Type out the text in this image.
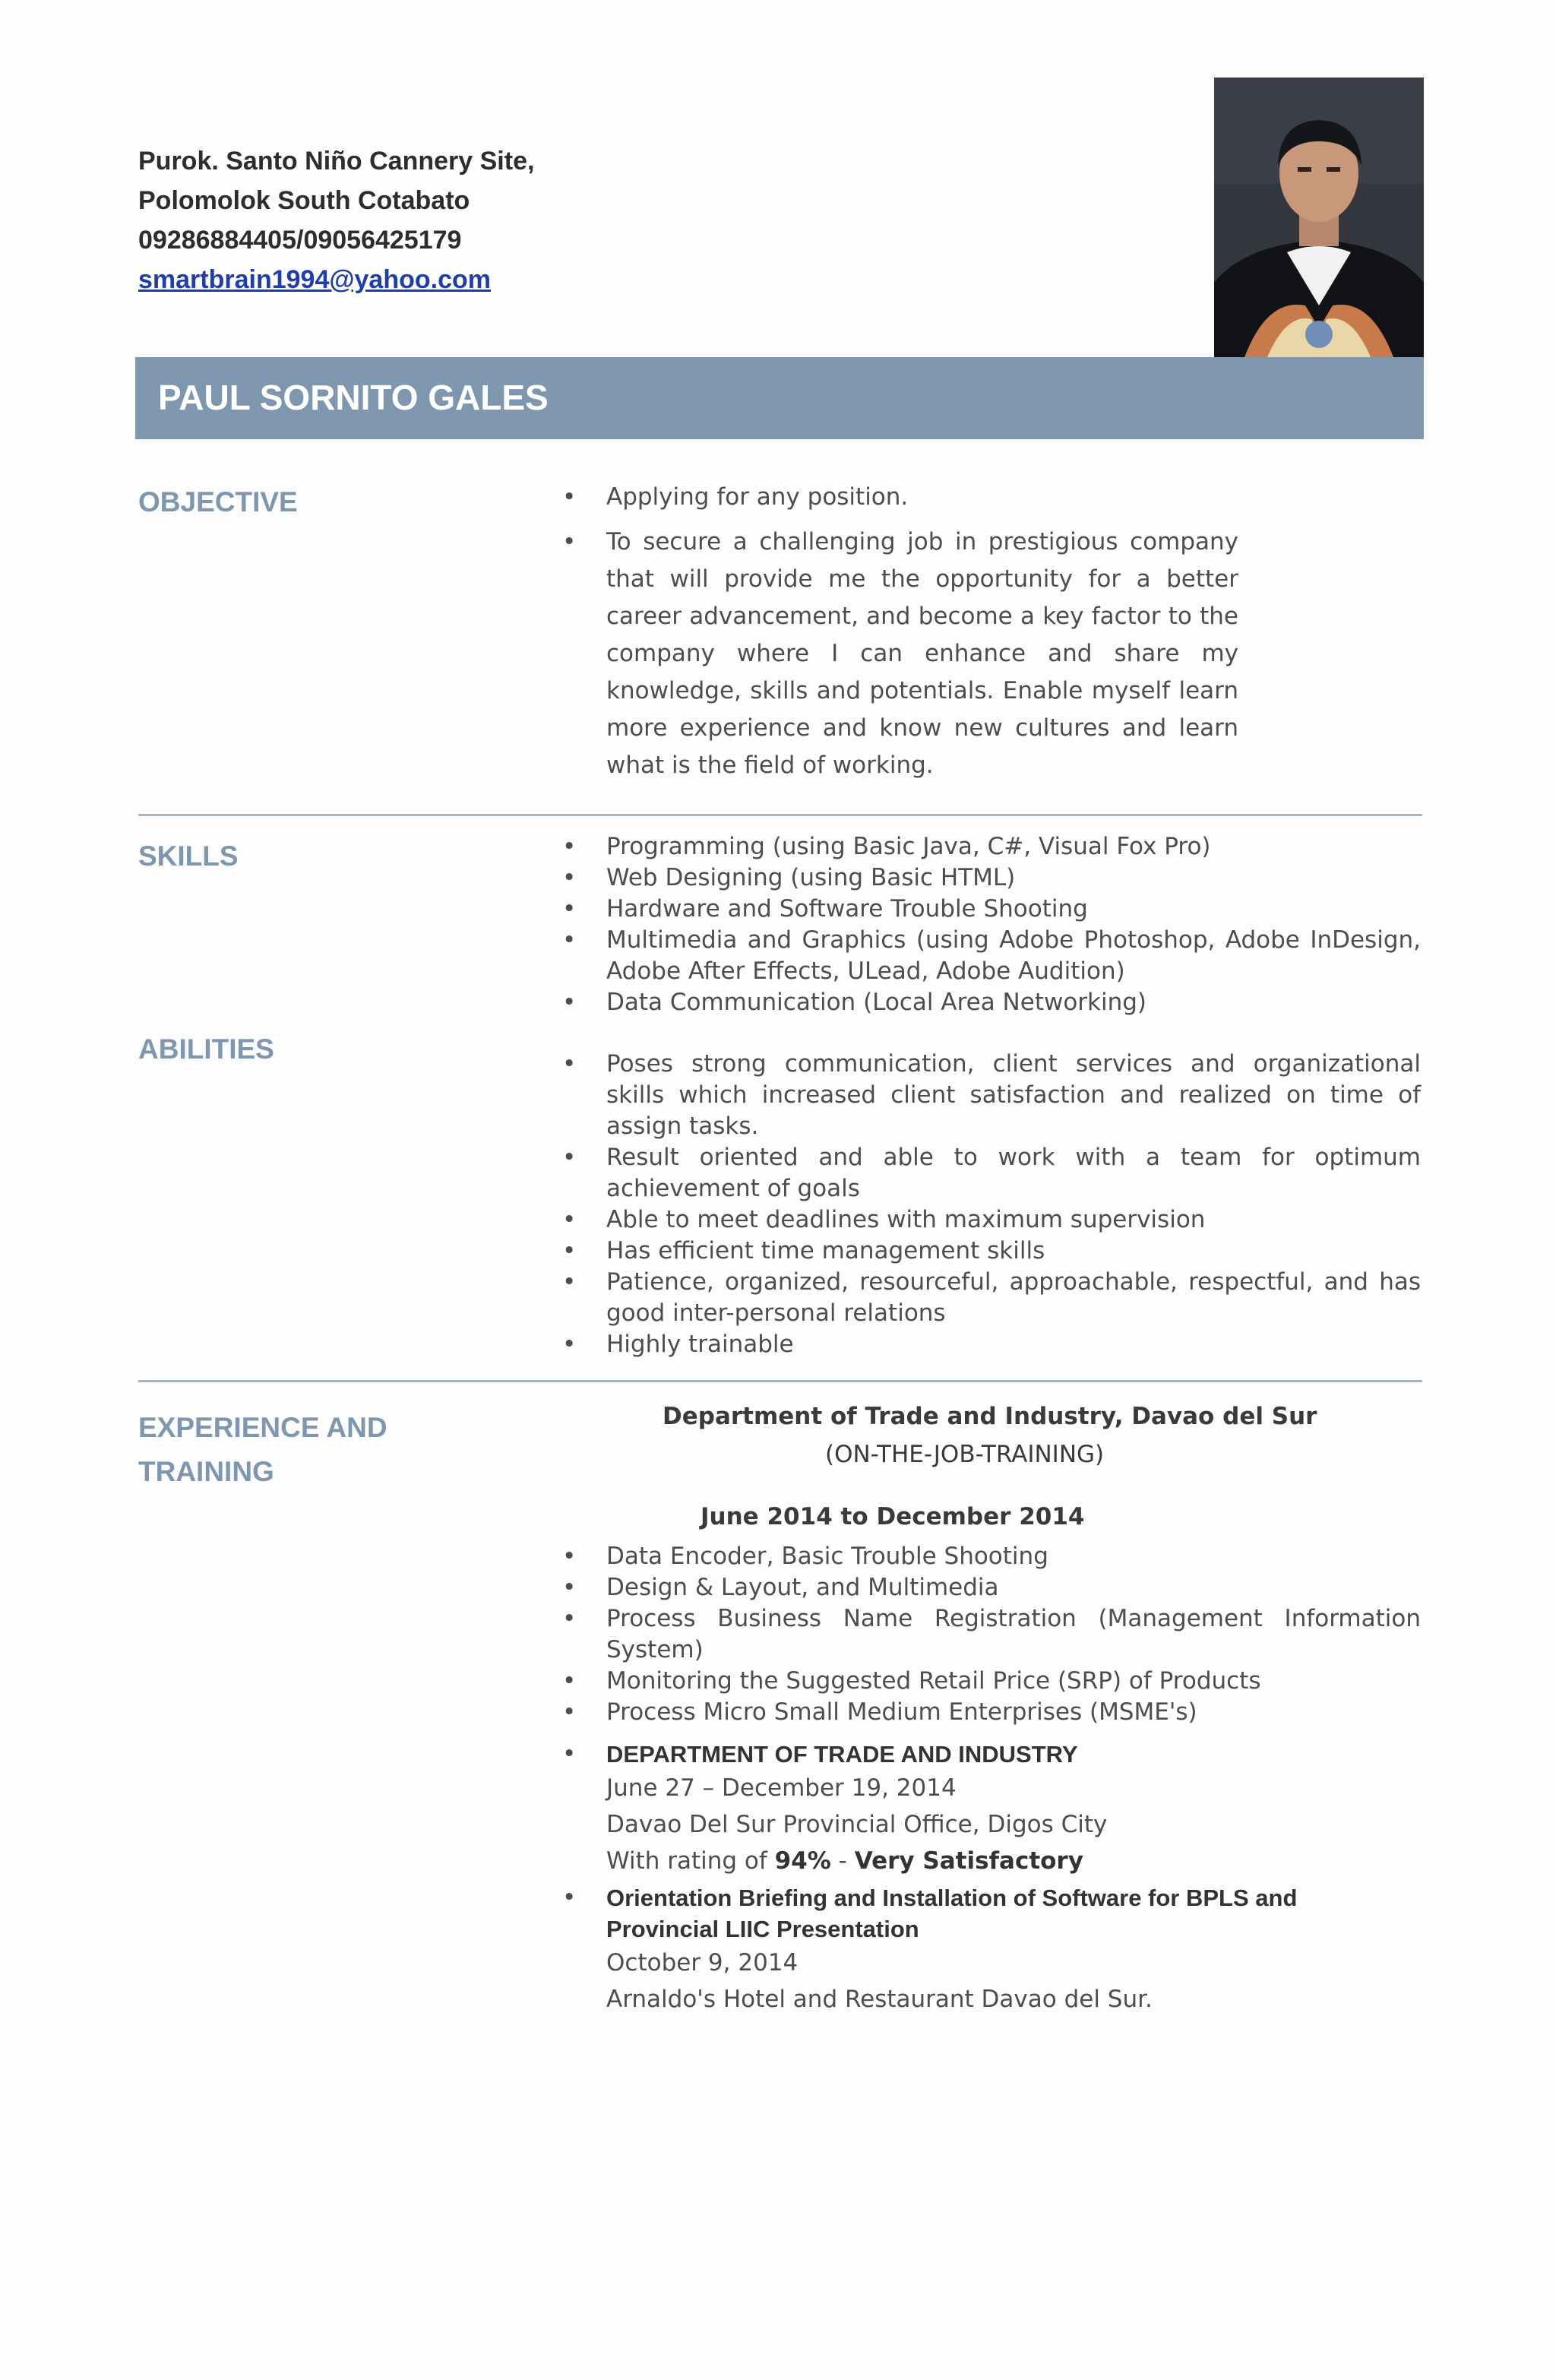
Purok. Santo Niño Cannery Site,
Polomolok South Cotabato
09286884405/09056425179
smartbrain1994@yahoo.com
PAUL SORNITO GALES
OBJECTIVE	• Applying for any position.
• To secure a challenging job in prestigious company that will provide me the opportunity for a better career advancement, and become a key factor to the company where I can enhance and share my knowledge, skills and potentials. Enable myself learn more experience and know new cultures and learn what is the field of working.
SKILLS	• Programming (using Basic Java, C#, Visual Fox Pro)
• Web Designing (using Basic HTML)
• Hardware and Software Trouble Shooting
• Multimedia and Graphics (using Adobe Photoshop, Adobe InDesign, Adobe After Effects, ULead, Adobe Audition)
• Data Communication (Local Area Networking)
ABILITIES	• Poses strong communication, client services and organizational skills which increased client satisfaction and realized on time of assign tasks.
• Result oriented and able to work with a team for optimum achievement of goals
• Able to meet deadlines with maximum supervision
• Has efficient time management skills
• Patience, organized, resourceful, approachable, respectful, and has good inter-personal relations
• Highly trainable
EXPERIENCE AND
TRAINING
Department of Trade and Industry, Davao del Sur
(ON-THE-JOB-TRAINING)
June 2014 to December 2014
• Data Encoder, Basic Trouble Shooting
• Design & Layout, and Multimedia
• Process Business Name Registration (Management Information System)
• Monitoring the Suggested Retail Price (SRP) of Products
• Process Micro Small Medium Enterprises (MSME's)
• DEPARTMENT OF TRADE AND INDUSTRY
June 27 – December 19, 2014
Davao Del Sur Provincial Office, Digos City
With rating of 94% - Very Satisfactory
• Orientation Briefing and Installation of Software for BPLS and Provincial LIIC Presentation
October 9, 2014
Arnaldo's Hotel and Restaurant Davao del Sur.
